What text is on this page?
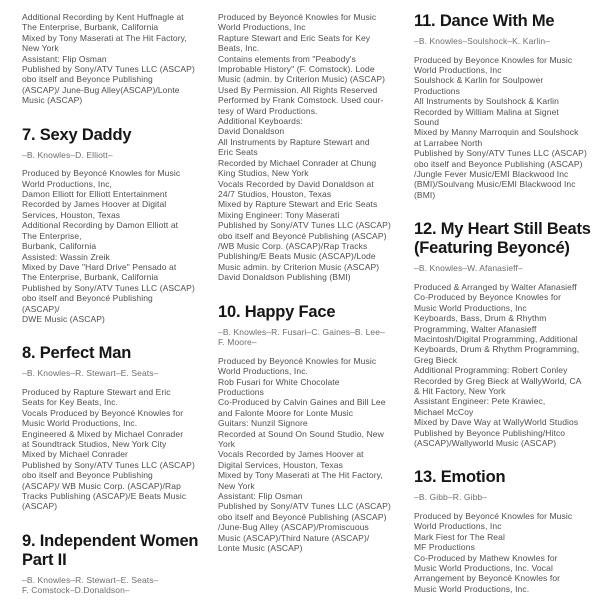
Additional Recording by Kent Huffnagle at
The Enterprise, Burbank, California
Mixed by Tony Maserati at The Hit Factory,
New York
Assistant: Flip Osman
Published by Sony/ATV Tunes LLC (ASCAP)
obo itself and Beyonce Publishing
(ASCAP)/ June-Bug Alley(ASCAP)/Lonte
Music (ASCAP)
7. Sexy Daddy
–B. Knowles–D. Elliott–
Produced by Beyoncé Knowles for Music
World Productions, Inc,
Damon Elliott for Elliott Entertainment
Recorded by James Hoover at Digital
Services, Houston, Texas
Additional Recording by Damon Elliott at
The Enterprise,
Burbank, California
Assisted: Wassin Zreik
Mixed by Dave "Hard Drive" Pensado at
The Enterprise, Burbank, California
Published by Sony/ATV Tunes LLC (ASCAP)
obo itself and Beyoncé Publishing
(ASCAP)/
DWE Music (ASCAP)
8. Perfect Man
–B. Knowles–R. Stewart–E. Seats–
Produced by Rapture Stewart and Eric
Seats for Key Beats, Inc.
Vocals Produced by Beyoncé Knowles for
Music World Productions, Inc.
Engineered & Mixed by Michael Conrader
at Soundtrack Studios, New York City
Mixed by Michael Conrader
Published by Sony/ATV Tunes LLC (ASCAP)
obo itself and Beyonce Publishing
(ASCAP)/ WB Music Corp. (ASCAP)/Rap
Tracks Publishing (ASCAP)/E Beats Music
(ASCAP)
9. Independent Women
Part II
–B. Knowles–R. Stewart–E. Seats–
F. Comstock–D.Donaldson–
Produced by Beyoncé Knowles for Music
World Productions, Inc
Rapture Stewart and Eric Seats for Key
Beats, Inc.
Contains elements from "Peabody's
Improbable History" (F. Comstock). Lode
Music (admin. by Criterion Music) (ASCAP)
Used By Permission. All Rights Reserved
Performed by Frank Comstock. Used cour-
tesy of Ward Productions.
Additional Keyboards:
David Donaldson
All Instruments by Rapture Stewart and
Eric Seats
Recorded by Michael Conrader at Chung
King Studios, New York
Vocals Recorded by David Donaldson at
24/7 Studios, Houston, Texas
Mixed by Rapture Stewart and Eric Seats
Mixing Engineer: Tony Maserati
Published by Sony/ATV Tunes LLC (ASCAP)
obo itself and Beyoncé Publishing (ASCAP)
/WB Music Corp. (ASCAP)/Rap Tracks
Publishing/E Beats Music (ASCAP)/Lode
Music admin. by Criterion Music (ASCAP)
David Donaldson Publishing (BMI)
10. Happy Face
–B. Knowles–R. Fusari–C. Gaines–B. Lee–
F. Moore–
Produced by Beyoncé Knowles for Music
World Productions, Inc.
Rob Fusari for White Chocolate
Productions
Co-Produced by Calvin Gaines and Bill Lee
and Falonte Moore for Lonte Music
Guitars: Nunzil Signore
Recorded at Sound On Sound Studio, New
York
Vocals Recorded by James Hoover at
Digital Services, Houston, Texas
Mixed by Tony Maserati at The Hit Factory,
New York
Assistant: Flip Osman
Published by Sony/ATV Tunes LLC (ASCAP)
obo itself and Beyoncé Publishing (ASCAP)
/June-Bug Alley (ASCAP)/Promiscuous
Music (ASCAP)/Third Nature (ASCAP)/
Lonte Music (ASCAP)
11. Dance With Me
–B. Knowles–Soulshock–K. Karlin–
Produced by Beyonce Knowles for Music
World Productions, Inc
Soulshock & Karlin for Soulpower
Productions
All Instruments by Soulshock & Karlin
Recorded by William Malina at Signet
Sound
Mixed by Manny Marroquin and Soulshock
at Larrabee North
Published by Sony/ATV Tunes LLC (ASCAP)
obo itself and Beyonce Publishing (ASCAP)
/Jungle Fever Music/EMI Blackwood Inc
(BMI)/Soulvang Music/EMI Blackwood Inc
(BMI)
12. My Heart Still Beats
(Featuring Beyoncé)
–B. Knowles–W. Afanasieff–
Produced & Arranged by Walter Afanasieff
Co-Produced by Beyonce Knowles for
Music World Productions, Inc
Keyboards, Bass, Drum & Rhythm
Programming, Walter Afanasieff
Macintosh/Digital Programming, Additional
Keyboards, Drum & Rhythm Programming,
Greg Bieck
Additional Programming: Robert Conley
Recorded by Greg Bieck at WallyWorld, CA
& Hit Factory, New York
Assistant Engineer: Pete Krawiec,
Michael McCoy
Mixed by Dave Way at WallyWorld Studios
Published by Beyonce Publishing/Hitco
(ASCAP)/Wallyworld Music (ASCAP)
13. Emotion
–B. Gibb–R. Gibb–
Produced by Beyoncé Knowles for Music
World Productions, Inc
Mark Fiest for The Real
MF Productions
Co-Produced by Mathew Knowles for
Music World Productions, Inc. Vocal
Arrangement by Beyoncé Knowles for
Music World Productions, Inc.
